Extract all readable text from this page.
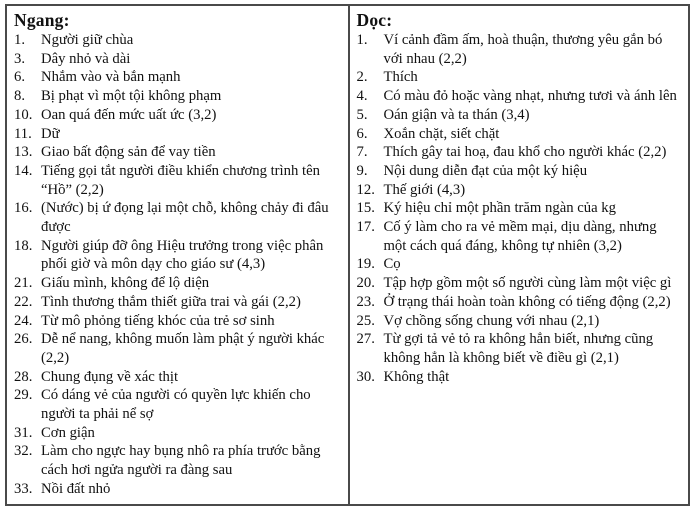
Ngang:
1. Người giữ chùa
3. Dây nhỏ và dài
6. Nhắm vào và bắn mạnh
8. Bị phạt vì một tội không phạm
10. Oan quá đến mức uất ức (3,2)
11. Dữ
13. Giao bất động sản để vay tiền
14. Tiếng gọi tắt người điều khiển chương trình tên “Hồ” (2,2)
16. (Nước) bị ứ đọng lại một chỗ, không chảy đi đâu được
18. Người giúp đỡ ông Hiệu trưởng trong việc phân phối giờ và môn dạy cho giáo sư (4,3)
21. Giấu mình, không để lộ diện
22. Tình thương thắm thiết giữa trai và gái (2,2)
24. Từ mô phỏng tiếng khóc của trẻ sơ sinh
26. Dễ nể nang, không muốn làm phật ý người khác (2,2)
28. Chung đụng về xác thịt
29. Có dáng vẻ của người có quyền lực khiến cho người ta phải nể sợ
31. Cơn giận
32. Làm cho ngực hay bụng nhô ra phía trước bằng cách hơi ngửa người ra đàng sau
33. Nồi đất nhỏ
Dọc:
1. Ví cảnh đầm ấm, hoà thuận, thương yêu gắn bó với nhau (2,2)
2. Thích
4. Có màu đỏ hoặc vàng nhạt, nhưng tươi và ánh lên
5. Oán giận và ta thán (3,4)
6. Xoắn chặt, siết chặt
7. Thích gây tai hoạ, đau khổ cho người khác (2,2)
9. Nội dung diễn đạt của một ký hiệu
12. Thế giới (4,3)
15. Ký hiệu chỉ một phần trăm ngàn của kg
17. Cố ý làm cho ra vẻ mềm mại, dịu dàng, nhưng một cách quá đáng, không tự nhiên (3,2)
19. Cọ
20. Tập hợp gồm một số người cùng làm một việc gì
23. Ở trạng thái hoàn toàn không có tiếng động (2,2)
25. Vợ chồng sống chung với nhau (2,1)
27. Từ gợi tả vẻ tỏ ra không hẳn biết, nhưng cũng không hẳn là không biết về điều gì (2,1)
30. Không thật
